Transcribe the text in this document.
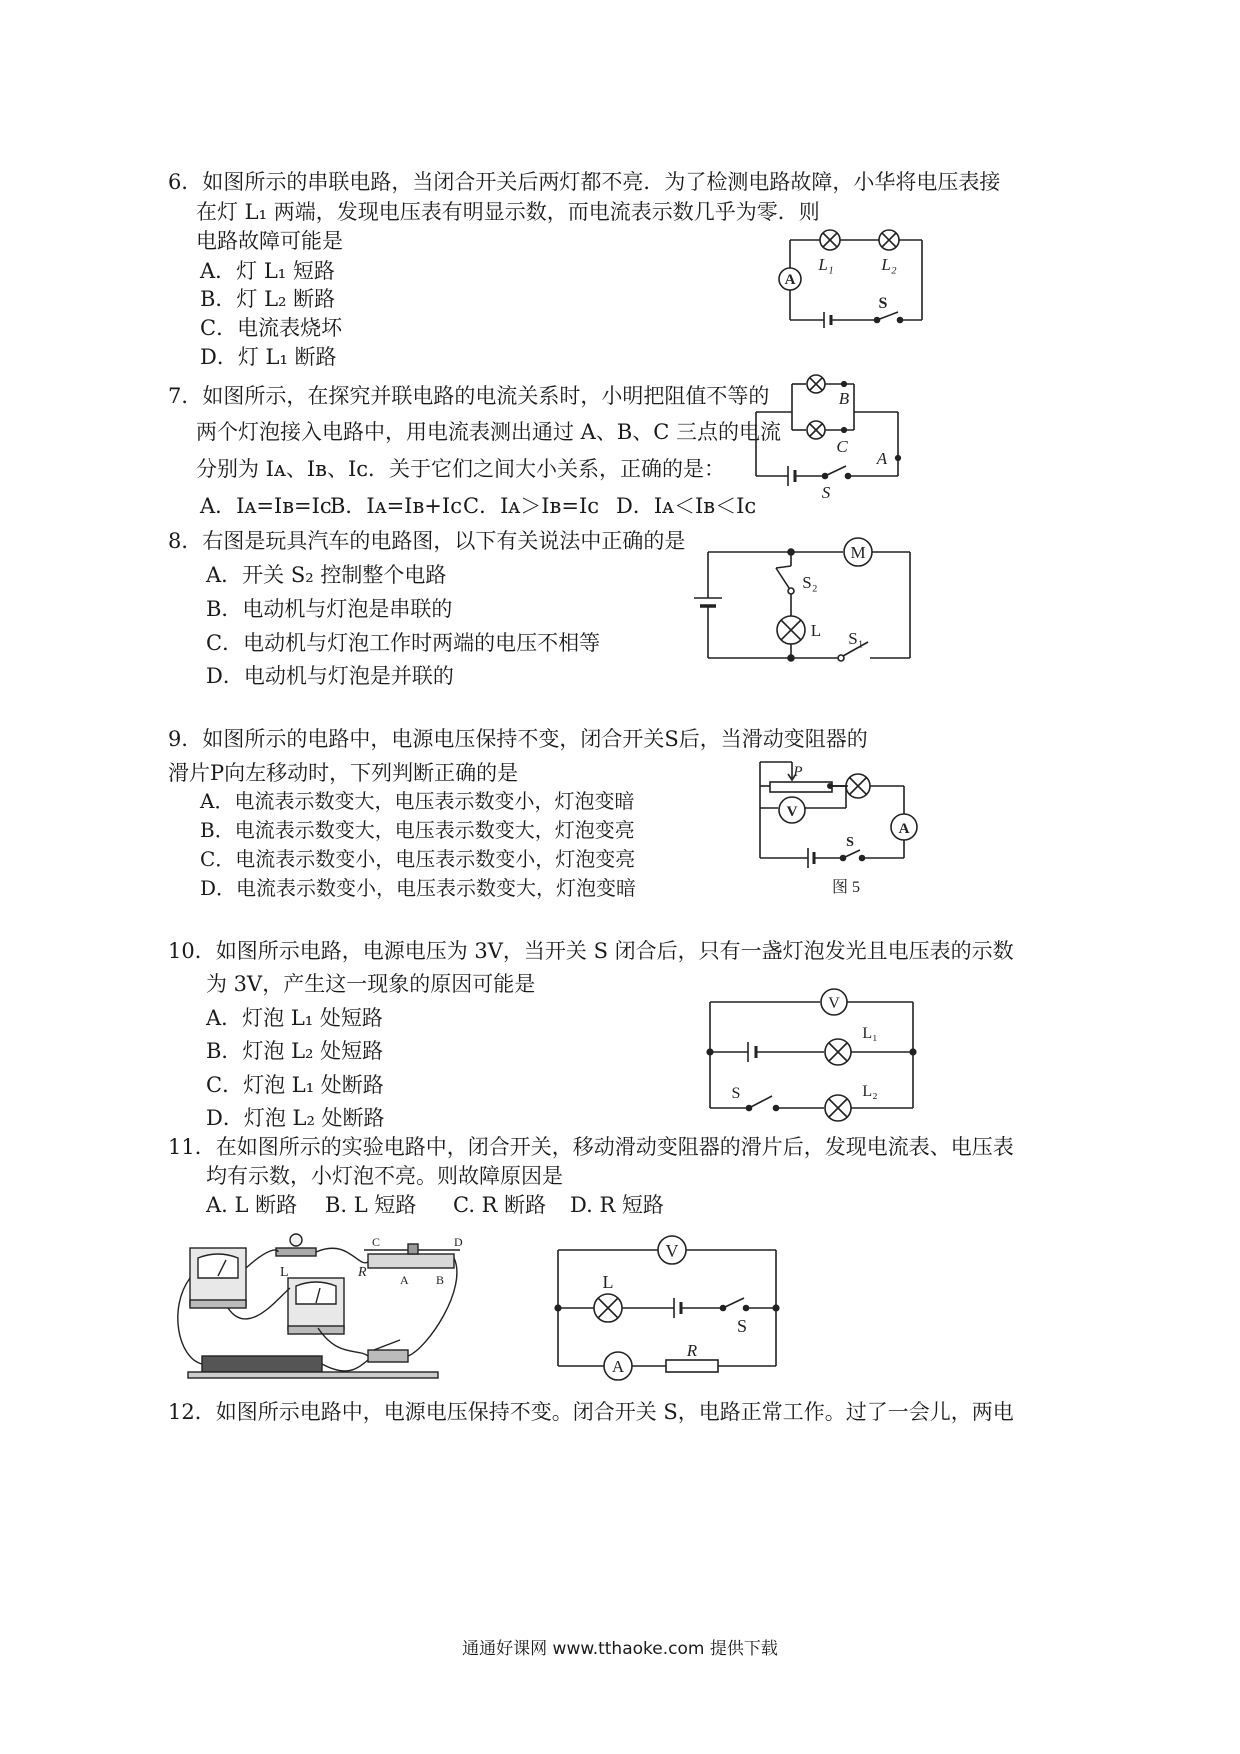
6．如图所示的串联电路，当闭合开关后两灯都不亮．为了检测电路故障，小华将电压表接
在灯 L₁ 两端，发现电压表有明显示数，而电流表示数几乎为零．则
电路故障可能是
A．灯 L₁ 短路
B．灯 L₂ 断路
C．电流表烧坏
D．灯 L₁ 断路
A
L₁	L₂
S
7．如图所示，在探究并联电路的电流关系时，小明把阻值不等的
两个灯泡接入电路中，用电流表测出通过 A、B、C 三点的电流
分别为 Iᴀ、Iʙ、Iᴄ．关于它们之间大小关系，正确的是：
A．Iᴀ=Iʙ=Iᴄ
B．Iᴀ=Iʙ+Iᴄ C．Iᴀ＞Iʙ=Iᴄ D．Iᴀ＜Iʙ＜Iᴄ
B
C
A
S
8．右图是玩具汽车的电路图，以下有关说法中正确的是
A．开关 S₂ 控制整个电路
B．电动机与灯泡是串联的
C．电动机与灯泡工作时两端的电压不相等
D．电动机与灯泡是并联的
M
S₂
L S₁
9．如图所示的电路中，电源电压保持不变，闭合开关S后，当滑动变阻器的
滑片P向左移动时，下列判断正确的是
A．电流表示数变大，电压表示数变小，灯泡变暗
B．电流表示数变大，电压表示数变大，灯泡变亮
C．电流表示数变小，电压表示数变小，灯泡变亮
D．电流表示数变小，电压表示数变大，灯泡变暗
P
V
A
S
图 5
10．如图所示电路，电源电压为 3V，当开关 S 闭合后，只有一盏灯泡发光且电压表的示数
为 3V，产生这一现象的原因可能是
A．灯泡 L₁ 处短路
B．灯泡 L₂ 处短路
C．灯泡 L₁ 处断路
D．灯泡 L₂ 处断路
V
L₁
L₂
S
11．在如图所示的实验电路中，闭合开关，移动滑动变阻器的滑片后，发现电流表、电压表
均有示数，小灯泡不亮。则故障原因是
A. L 断路 B. L 短路 C. R 断路 D. R 短路
L	R
C	D
A B
V
L
S
A
R
12．如图所示电路中，电源电压保持不变。闭合开关 S，电路正常工作。过了一会儿，两电
通通好课网 www.tthaoke.com 提供下载
